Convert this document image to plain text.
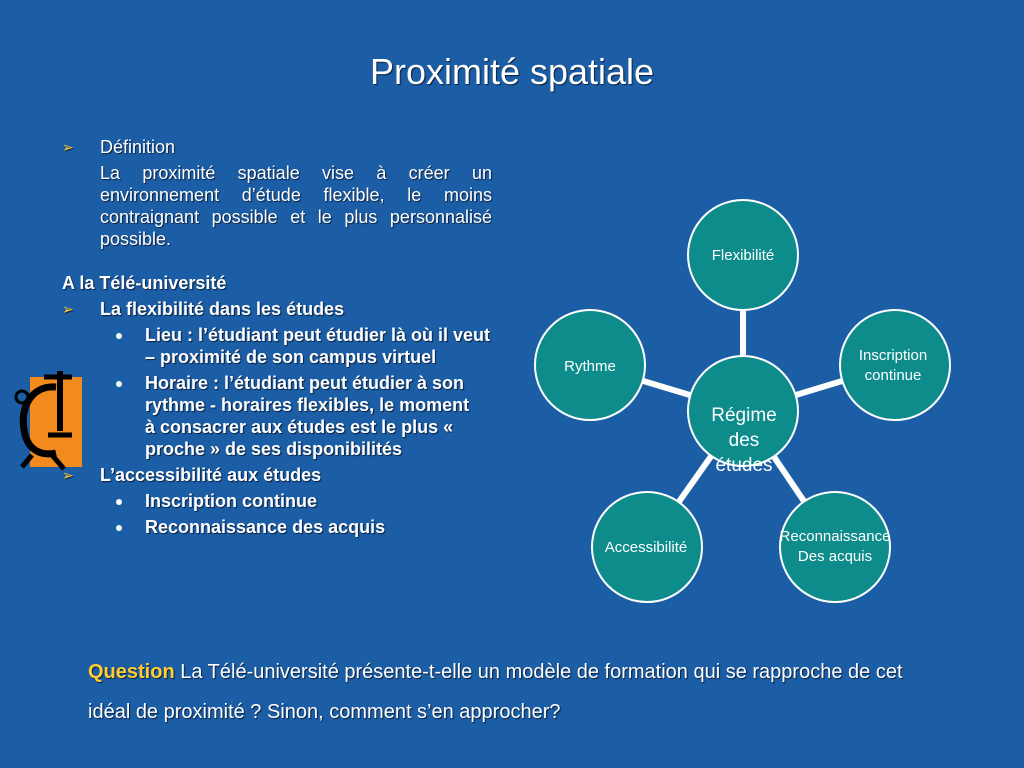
Proximité spatiale
➢ Définition
La proximité spatiale vise à créer un environnement d’étude flexible, le moins contraignant possible et le plus personnalisé possible.
A la Télé-université
➢ La flexibilité dans les études
Lieu : l’étudiant peut étudier là où il veut – proximité de son campus virtuel
Horaire : l’étudiant peut étudier à son rythme - horaires flexibles, le moment à consacrer aux études est le plus « proche » de ses disponibilités
➢ L’accessibilité aux études
Inscription continue
Reconnaissance des acquis
Régime
des
études
Flexibilité
Inscription
continue
Reconnaissance
Des acquis
Accessibilité
Rythme
Question La Télé-université présente-t-elle un modèle de formation qui se rapproche de cet idéal de proximité ? Sinon, comment s’en approcher?
